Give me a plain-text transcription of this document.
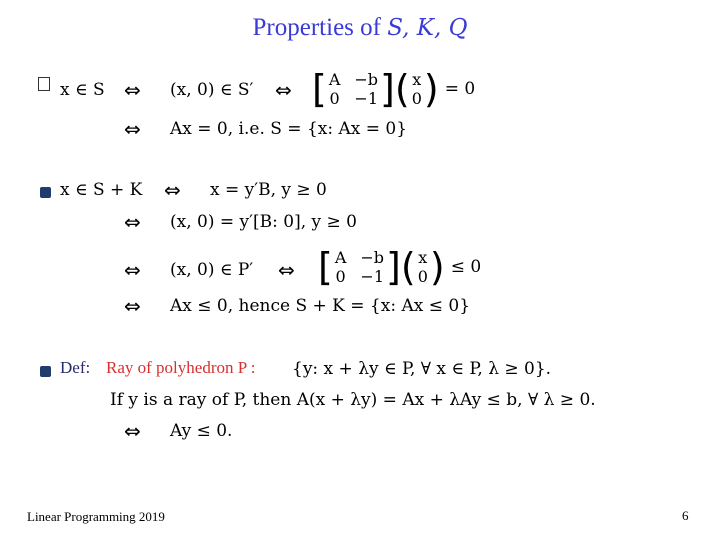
Properties of S, K, Q
x ∈ S ⇔ (x, 0) ∈ S′ ⇔ [ A
0
−b
−1 ] ( x
0 ) = 0
⇔ Ax = 0, i.e. S = {x: Ax = 0}
x ∈ S + K ⇔ x = y′B, y ≥ 0
⇔ (x, 0) = y′[B: 0], y ≥ 0
⇔ (x, 0) ∈ P′ ⇔ [ A
0
−b
−1 ] ( x
0 ) ≤ 0
⇔ Ax ≤ 0, hence S + K = {x: Ax ≤ 0}
Def: Ray of polyhedron P : {y: x + λy ∈ P, ∀ x ∈ P, λ ≥ 0}.
If y is a ray of P, then A(x + λy) = Ax + λAy ≤ b, ∀ λ ≥ 0.
⇔ Ay ≤ 0.
Linear Programming 2019	6
